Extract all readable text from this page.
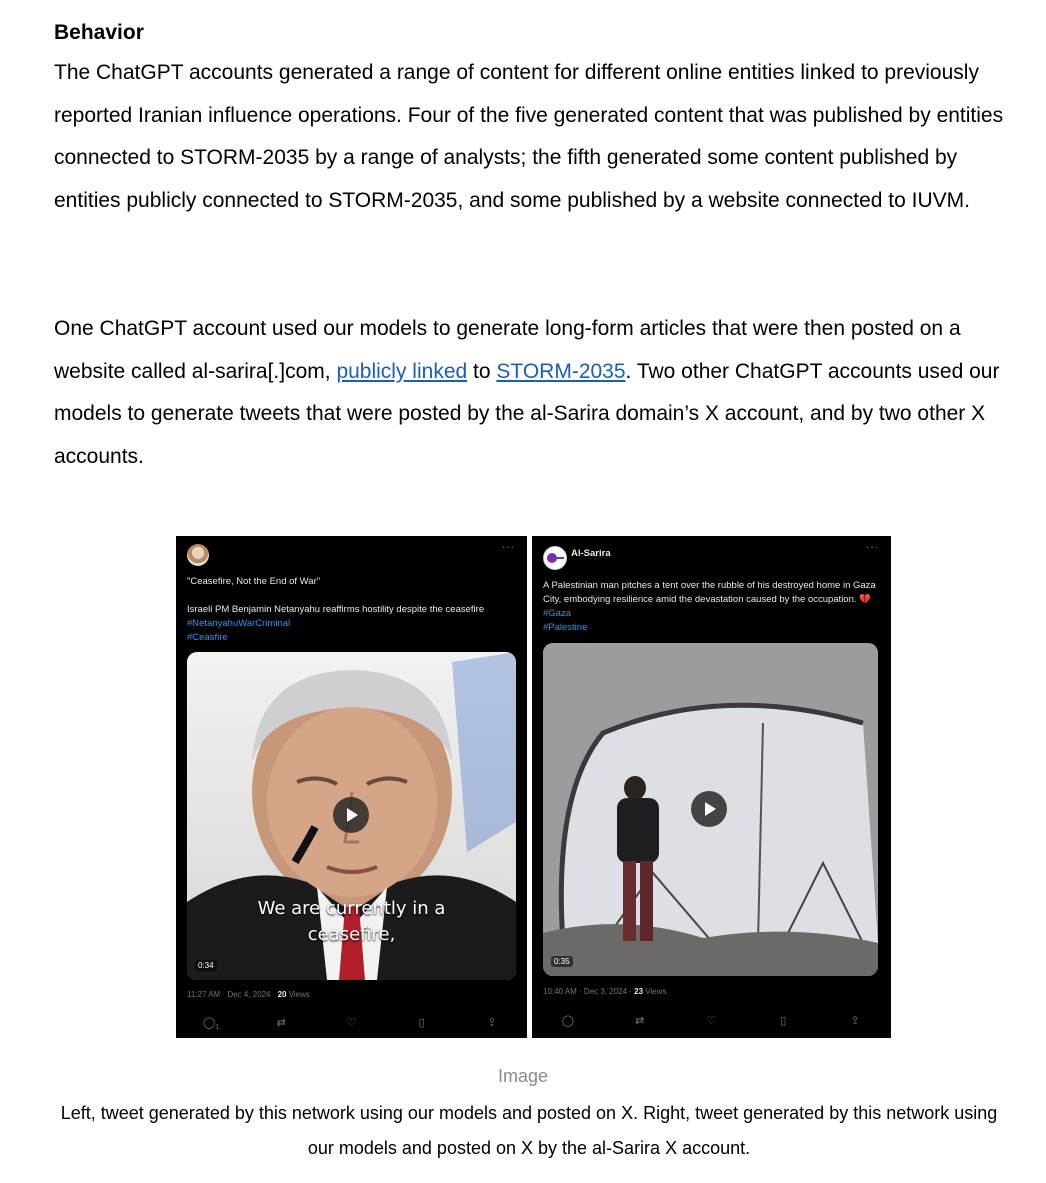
Behavior

The ChatGPT accounts generated a range of content for different online entities linked to previously reported Iranian influence operations. Four of the five generated content that was published by entities connected to STORM-2035 by a range of analysts; the fifth generated some content published by entities publicly connected to STORM-2035, and some published by a website connected to IUVM.

One ChatGPT account used our models to generate long-form articles that were then posted on a website called al-sarira[.]com, publicly linked to STORM-2035. Two other ChatGPT accounts used our models to generate tweets that were posted by the al-Sarira domain’s X account, and by two other X accounts.

···
"Ceasefire, Not the End of War"
Israeli PM Benjamin Netanyahu reaffirms hostility despite the ceasefire
#NetanyahuWarCriminal
#Ceasfire
We are currently in a
ceasefire,
0:34
11:27 AM · Dec 4, 2024 · 20 Views
$◯_1$	⇄	♡	▯	⇪
Al-Sarira
···
A Palestinian man pitches a tent over the rubble of his destroyed home in Gaza City, embodying resilience amid the devastation caused by the occupation. 💔 #Gaza
#Palestine
0:35
10:40 AM · Dec 3, 2024 · 23 Views
◯	⇄	♡	▯	⇪
Image
Left, tweet generated by this network using our models and posted on X. Right, tweet generated by this network using our models and posted on X by the al-Sarira X account.
